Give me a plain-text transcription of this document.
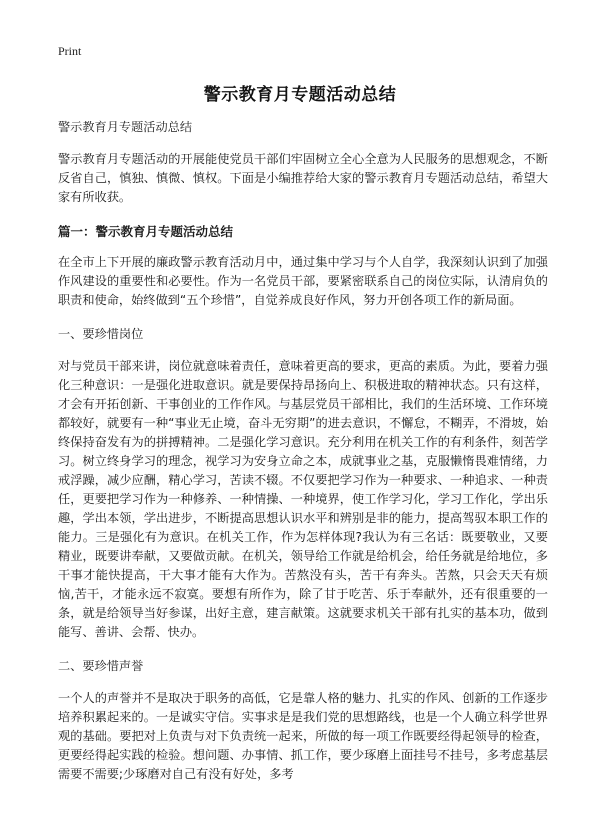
Print
警示教育月专题活动总结

警示教育月专题活动总结

警示教育月专题活动的开展能使党员干部们牢固树立全心全意为人民服务的思想观念，不断反省自己，慎独、慎微、慎权。下面是小编推荐给大家的警示教育月专题活动总结，希望大家有所收获。

篇一：警示教育月专题活动总结

在全市上下开展的廉政警示教育活动月中，通过集中学习与个人自学，我深刻认识到了加强作风建设的重要性和必要性。作为一名党员干部，要紧密联系自己的岗位实际，认清肩负的职责和使命，始终做到“五个珍惜”，自觉养成良好作风，努力开创各项工作的新局面。

一、要珍惜岗位

对与党员干部来讲，岗位就意味着责任，意味着更高的要求，更高的素质。为此，要着力强化三种意识：一是强化进取意识。就是要保持昂扬向上、积极进取的精神状态。只有这样，才会有开拓创新、干事创业的工作作风。与基层党员干部相比，我们的生活环境、工作环境都较好，就要有一种“事业无止境，奋斗无穷期”的进去意识，不懈怠，不糊弄，不滑坡，始终保持奋发有为的拼搏精神。二是强化学习意识。充分利用在机关工作的有利条件，刻苦学习。树立终身学习的理念，视学习为安身立命之本，成就事业之基，克服懒惰畏难情绪，力戒浮躁，减少应酬，精心学习，苦读不辍。不仅要把学习作为一种要求、一种追求、一种责任，更要把学习作为一种修养、一种情操、一种境界，使工作学习化，学习工作化，学出乐趣，学出本领，学出进步，不断提高思想认识水平和辨别是非的能力，提高驾驭本职工作的能力。三是强化有为意识。在机关工作，作为怎样体现?我认为有三名话：既要敬业，又要精业，既要讲奉献，又要做贡献。在机关，领导给工作就是给机会，给任务就是给地位，多干事才能快提高，干大事才能有大作为。苦熬没有头，苦干有奔头。苦熬，只会天天有烦恼,苦干，才能永远不寂寞。要想有所作为，除了甘于吃苦、乐于奉献外，还有很重要的一条，就是给领导当好参谋，出好主意，建言献策。这就要求机关干部有扎实的基本功，做到能写、善讲、会帮、快办。

二、要珍惜声誉

一个人的声誉并不是取决于职务的高低，它是靠人格的魅力、扎实的作风、创新的工作逐步培养积累起来的。一是诚实守信。实事求是是我们党的思想路线，也是一个人确立科学世界观的基础。要把对上负责与对下负责统一起来，所做的每一项工作既要经得起领导的检查，更要经得起实践的检验。想问题、办事情、抓工作，要少琢磨上面挂号不挂号，多考虑基层需要不需要;少琢磨对自己有没有好处，多考
